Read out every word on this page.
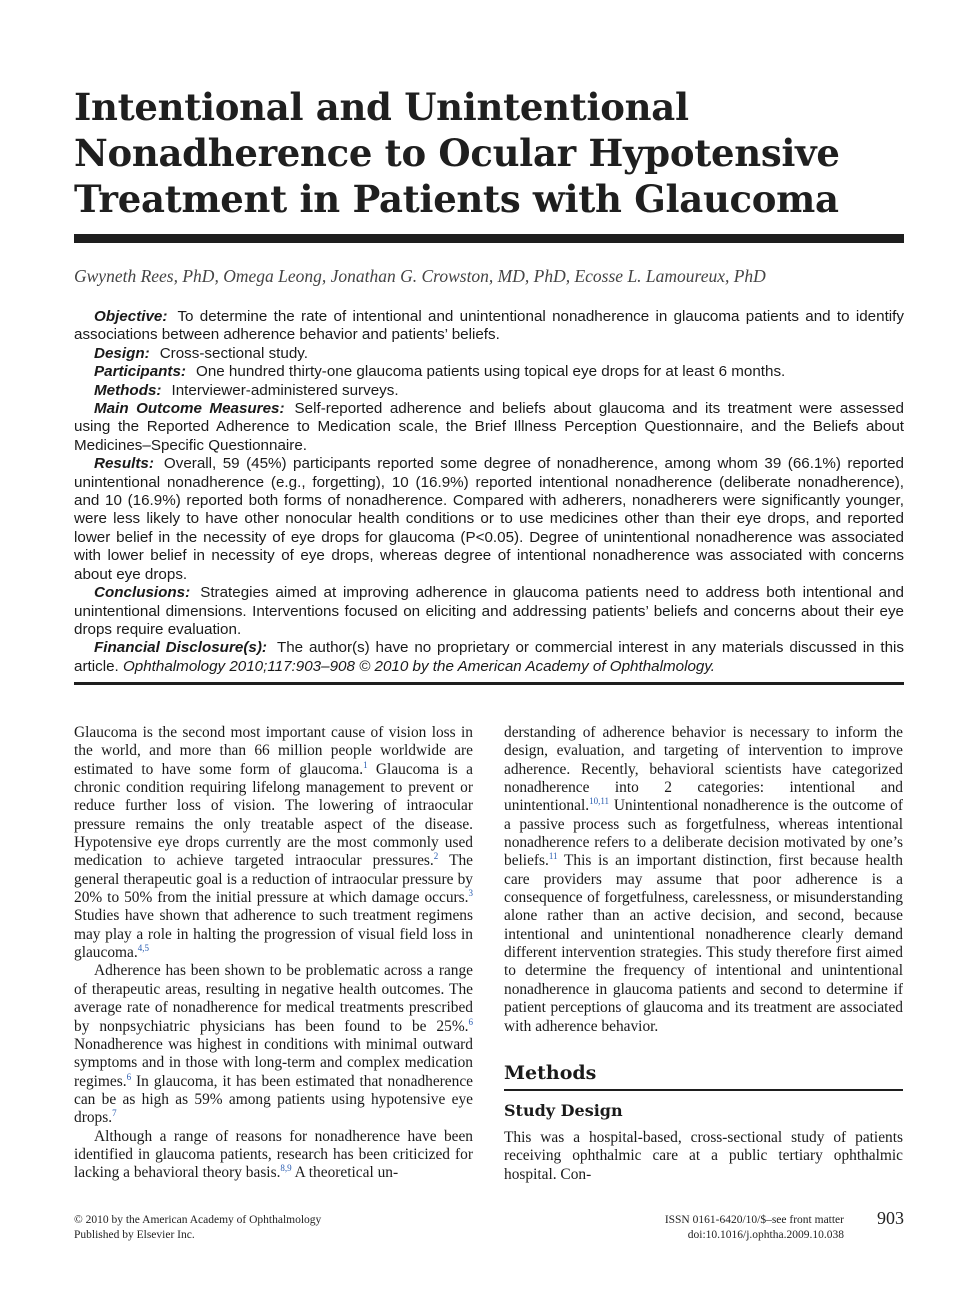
Intentional and Unintentional
Nonadherence to Ocular Hypotensive
Treatment in Patients with Glaucoma
Gwyneth Rees, PhD, Omega Leong, Jonathan G. Crowston, MD, PhD, Ecosse L. Lamoureux, PhD

Objective: To determine the rate of intentional and unintentional nonadherence in glaucoma patients and to identify associations between adherence behavior and patients’ beliefs.

Design: Cross-sectional study.

Participants: One hundred thirty-one glaucoma patients using topical eye drops for at least 6 months.

Methods: Interviewer-administered surveys.

Main Outcome Measures: Self-reported adherence and beliefs about glaucoma and its treatment were assessed using the Reported Adherence to Medication scale, the Brief Illness Perception Questionnaire, and the Beliefs about Medicines–Specific Questionnaire.

Results: Overall, 59 (45%) participants reported some degree of nonadherence, among whom 39 (66.1%) reported unintentional nonadherence (e.g., forgetting), 10 (16.9%) reported intentional nonadherence (deliberate nonadherence), and 10 (16.9%) reported both forms of nonadherence. Compared with adherers, nonadherers were significantly younger, were less likely to have other nonocular health conditions or to use medicines other than their eye drops, and reported lower belief in the necessity of eye drops for glaucoma (P<0.05). Degree of unintentional nonadherence was associated with lower belief in necessity of eye drops, whereas degree of intentional nonadherence was associated with concerns about eye drops.

Conclusions: Strategies aimed at improving adherence in glaucoma patients need to address both intentional and unintentional dimensions. Interventions focused on eliciting and addressing patients’ beliefs and concerns about their eye drops require evaluation.

Financial Disclosure(s): The author(s) have no proprietary or commercial interest in any materials discussed in this article. Ophthalmology 2010;117:903–908 © 2010 by the American Academy of Ophthalmology.

Glaucoma is the second most important cause of vision loss in the world, and more than 66 million people worldwide are estimated to have some form of glaucoma.$^1$ Glaucoma is a chronic condition requiring lifelong management to prevent or reduce further loss of vision. The lowering of intraocular pressure remains the only treatable aspect of the disease. Hypotensive eye drops currently are the most commonly used medication to achieve targeted intraocular pressures.$^2$ The general therapeutic goal is a reduction of intraocular pressure by 20% to 50% from the initial pressure at which damage occurs.$^3$ Studies have shown that adherence to such treatment regimens may play a role in halting the progression of visual field loss in glaucoma.$^{4,5}$

Adherence has been shown to be problematic across a range of therapeutic areas, resulting in negative health outcomes. The average rate of nonadherence for medical treatments prescribed by nonpsychiatric physicians has been found to be 25%.$^6$ Nonadherence was highest in conditions with minimal outward symptoms and in those with long-term and complex medication regimes.$^6$ In glaucoma, it has been estimated that nonadherence can be as high as 59% among patients using hypotensive eye drops.$^7$

Although a range of reasons for nonadherence have been identified in glaucoma patients, research has been criticized for lacking a behavioral theory basis.$^{8,9}$ A theoretical un-

derstanding of adherence behavior is necessary to inform the design, evaluation, and targeting of intervention to improve adherence. Recently, behavioral scientists have categorized nonadherence into 2 categories: intentional and unintentional.$^{10,11}$ Unintentional nonadherence is the outcome of a passive process such as forgetfulness, whereas intentional nonadherence refers to a deliberate decision motivated by one’s beliefs.$^{11}$ This is an important distinction, first because health care providers may assume that poor adherence is a consequence of forgetfulness, carelessness, or misunderstanding alone rather than an active decision, and second, because intentional and unintentional nonadherence clearly demand different intervention strategies. This study therefore first aimed to determine the frequency of intentional and unintentional nonadherence in glaucoma patients and second to determine if patient perceptions of glaucoma and its treatment are associated with adherence behavior.

Methods
Study Design

This was a hospital-based, cross-sectional study of patients receiving ophthalmic care at a public tertiary ophthalmic hospital. Con-

© 2010 by the American Academy of Ophthalmology
Published by Elsevier Inc.
ISSN 0161-6420/10/$–see front matter
doi:10.1016/j.ophtha.2009.10.038
903
